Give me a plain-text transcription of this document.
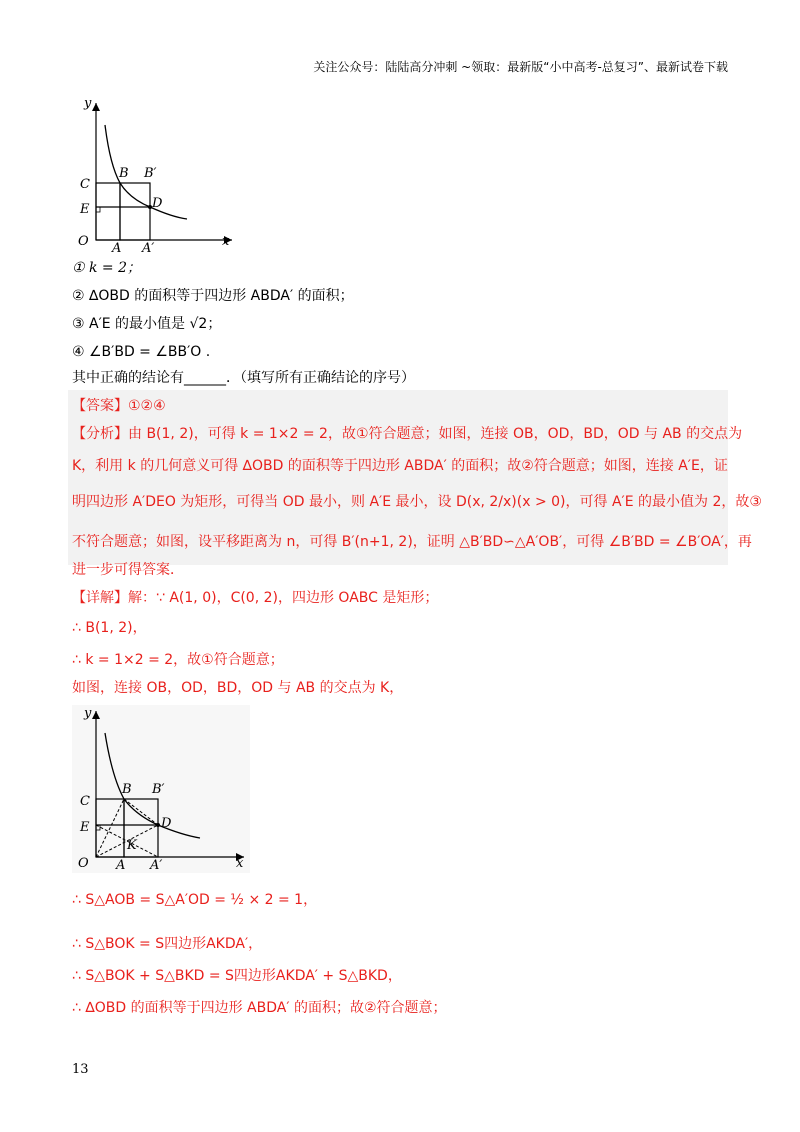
关注公众号：陆陆高分冲刺 ~领取：最新版“小中高考-总复习”、最新试卷下载
y
x
O A A′
C
E
B B′
D
① k = 2；
② ∆OBD 的面积等于四边形 ABDA′ 的面积；
③ A′E 的最小值是 √2；
④ ∠B′BD = ∠BB′O .
其中正确的结论有______．（填写所有正确结论的序号）
【答案】①②④
【分析】由 B(1, 2)，可得 k = 1×2 = 2，故①符合题意；如图，连接 OB，OD，BD，OD 与 AB 的交点为
K，利用 k 的几何意义可得 ∆OBD 的面积等于四边形 ABDA′ 的面积；故②符合题意；如图，连接 A′E，证
明四边形 A′DEO 为矩形，可得当 OD 最小，则 A′E 最小，设 D(x, 2/x)(x > 0)，可得 A′E 的最小值为 2，故③
不符合题意；如图，设平移距离为 n，可得 B′(n+1, 2)，证明 △B′BD∽△A′OB′，可得 ∠B′BD = ∠B′OA′，再
进一步可得答案．
【详解】解：∵ A(1, 0)，C(0, 2)，四边形 OABC 是矩形；
∴ B(1, 2)，
∴ k = 1×2 = 2，故①符合题意；
如图，连接 OB，OD，BD，OD 与 AB 的交点为 K，
y
x
O A A′
C
E
B B′
D
K
∴ S△AOB = S△A′OD = ½ × 2 = 1，
∴ S△BOK = S四边形AKDA′，
∴ S△BOK + S△BKD = S四边形AKDA′ + S△BKD，
∴ ∆OBD 的面积等于四边形 ABDA′ 的面积；故②符合题意；
13
